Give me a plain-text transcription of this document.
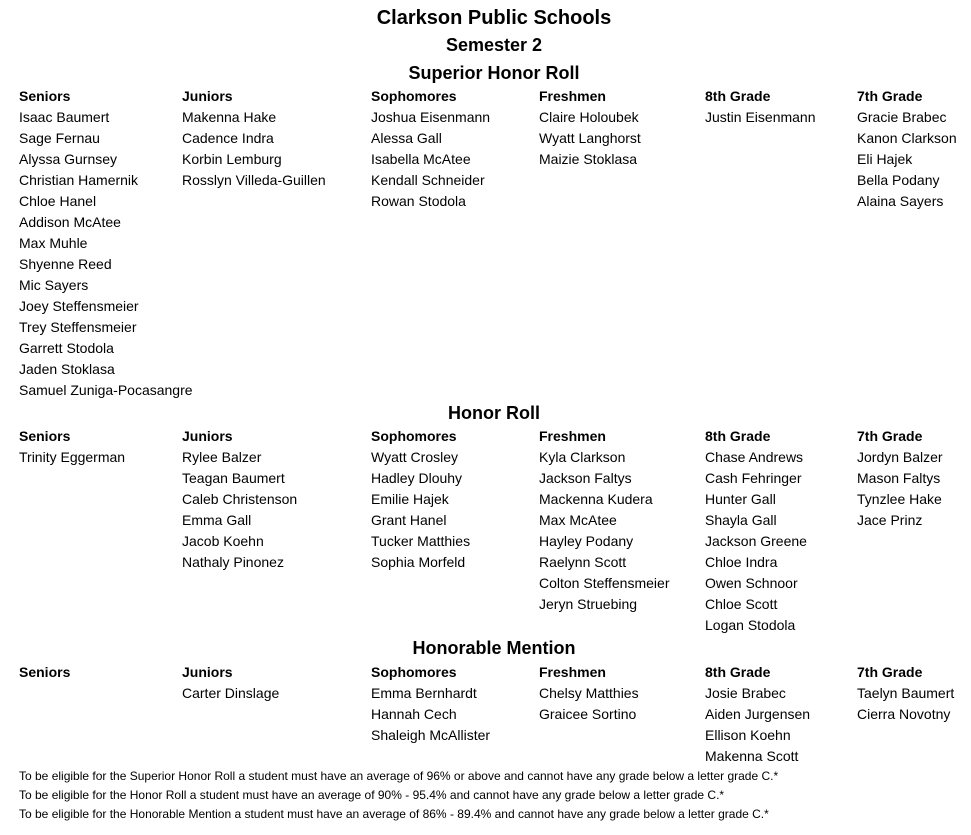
Clarkson Public Schools
Semester 2
Superior Honor Roll
Seniors
Isaac Baumert
Sage Fernau
Alyssa Gurnsey
Christian Hamernik
Chloe Hanel
Addison McAtee
Max Muhle
Shyenne Reed
Mic Sayers
Joey Steffensmeier
Trey Steffensmeier
Garrett Stodola
Jaden Stoklasa
Samuel Zuniga-Pocasangre
Juniors
Makenna Hake
Cadence Indra
Korbin Lemburg
Rosslyn Villeda-Guillen
Sophomores
Joshua Eisenmann
Alessa Gall
Isabella McAtee
Kendall Schneider
Rowan Stodola
Freshmen
Claire Holoubek
Wyatt Langhorst
Maizie Stoklasa
8th Grade
Justin Eisenmann
7th Grade
Gracie Brabec
Kanon Clarkson
Eli Hajek
Bella Podany
Alaina Sayers
Honor Roll
Seniors
Trinity Eggerman
Juniors
Rylee Balzer
Teagan Baumert
Caleb Christenson
Emma Gall
Jacob Koehn
Nathaly Pinonez
Sophomores
Wyatt Crosley
Hadley Dlouhy
Emilie Hajek
Grant Hanel
Tucker Matthies
Sophia Morfeld
Freshmen
Kyla Clarkson
Jackson Faltys
Mackenna Kudera
Max McAtee
Hayley Podany
Raelynn Scott
Colton Steffensmeier
Jeryn Struebing
8th Grade
Chase Andrews
Cash Fehringer
Hunter Gall
Shayla Gall
Jackson Greene
Chloe Indra
Owen Schnoor
Chloe Scott
Logan Stodola
7th Grade
Jordyn Balzer
Mason Faltys
Tynzlee Hake
Jace Prinz
Honorable Mention
Seniors	Juniors
Carter Dinslage
Sophomores
Emma Bernhardt
Hannah Cech
Shaleigh McAllister
Freshmen
Chelsy Matthies
Graicee Sortino
8th Grade
Josie Brabec
Aiden Jurgensen
Ellison Koehn
Makenna Scott
7th Grade
Taelyn Baumert
Cierra Novotny
To be eligible for the Superior Honor Roll a student must have an average of 96% or above and cannot have any grade below a letter grade C.*
To be eligible for the Honor Roll a student must have an average of 90% - 95.4% and cannot have any grade below a letter grade C.*
To be eligible for the Honorable Mention a student must have an average of 86% - 89.4% and cannot have any grade below a letter grade C.*
